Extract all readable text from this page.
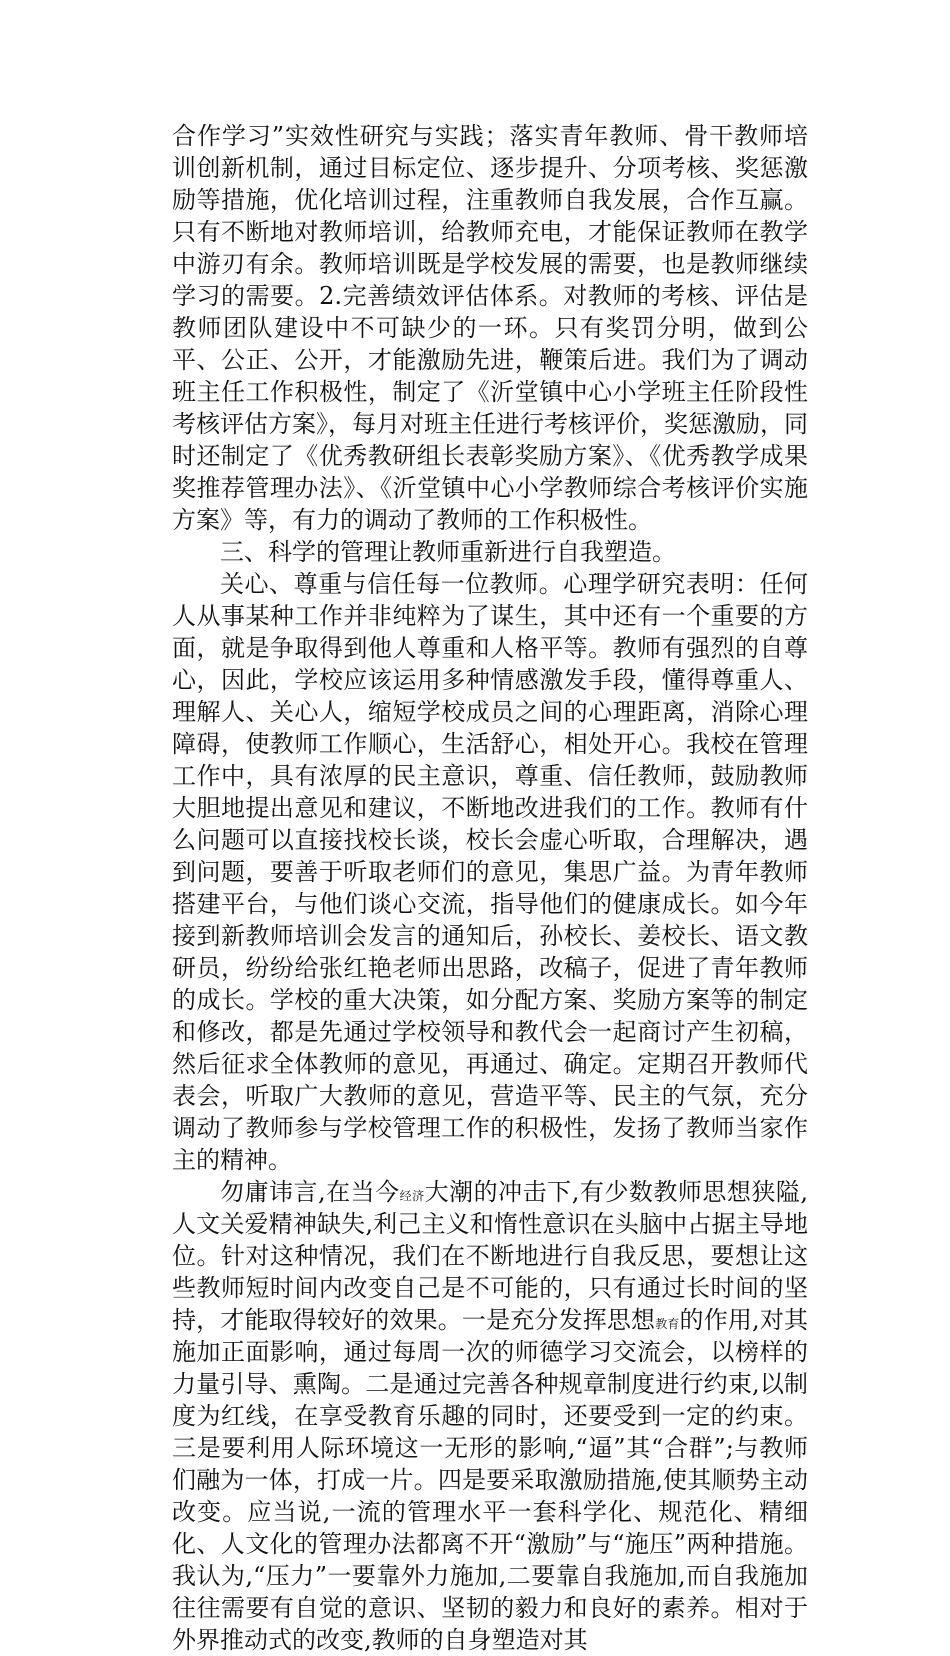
合作学习”实效性研究与实践；落实青年教师、骨干教师培训创新机制，通过目标定位、逐步提升、分项考核、奖惩激励等措施，优化培训过程，注重教师自我发展，合作互赢。只有不断地对教师培训，给教师充电，才能保证教师在教学中游刃有余。教师培训既是学校发展的需要，也是教师继续学习的需要。2.完善绩效评估体系。对教师的考核、评估是教师团队建设中不可缺少的一环。只有奖罚分明，做到公平、公正、公开，才能激励先进，鞭策后进。我们为了调动班主任工作积极性，制定了《沂堂镇中心小学班主任阶段性考核评估方案》，每月对班主任进行考核评价，奖惩激励，同时还制定了《优秀教研组长表彰奖励方案》、《优秀教学成果奖推荐管理办法》、《沂堂镇中心小学教师综合考核评价实施方案》等，有力的调动了教师的工作积极性。

三、科学的管理让教师重新进行自我塑造。

关心、尊重与信任每一位教师。心理学研究表明：任何人从事某种工作并非纯粹为了谋生，其中还有一个重要的方面，就是争取得到他人尊重和人格平等。教师有强烈的自尊心，因此，学校应该运用多种情感激发手段，懂得尊重人、理解人、关心人，缩短学校成员之间的心理距离，消除心理障碍，使教师工作顺心，生活舒心，相处开心。我校在管理工作中，具有浓厚的民主意识，尊重、信任教师，鼓励教师大胆地提出意见和建议，不断地改进我们的工作。教师有什么问题可以直接找校长谈，校长会虚心听取，合理解决，遇到问题，要善于听取老师们的意见，集思广益。为青年教师搭建平台，与他们谈心交流，指导他们的健康成长。如今年接到新教师培训会发言的通知后，孙校长、姜校长、语文教研员，纷纷给张红艳老师出思路，改稿子，促进了青年教师的成长。学校的重大决策，如分配方案、奖励方案等的制定和修改，都是先通过学校领导和教代会一起商讨产生初稿，然后征求全体教师的意见，再通过、确定。定期召开教师代表会，听取广大教师的意见，营造平等、民主的气氛，充分调动了教师参与学校管理工作的积极性，发扬了教师当家作主的精神。

勿庸讳言,在当今经济大潮的冲击下,有少数教师思想狭隘,人文关爱精神缺失,利己主义和惰性意识在头脑中占据主导地位。针对这种情况，我们在不断地进行自我反思，要想让这些教师短时间内改变自己是不可能的，只有通过长时间的坚持，才能取得较好的效果。一是充分发挥思想教育的作用,对其施加正面影响，通过每周一次的师德学习交流会，以榜样的力量引导、熏陶。二是通过完善各种规章制度进行约束,以制度为红线，在享受教育乐趣的同时，还要受到一定的约束。三是要利用人际环境这一无形的影响,“逼”其“合群”;与教师们融为一体，打成一片。四是要采取激励措施,使其顺势主动改变。应当说,一流的管理水平一套科学化、规范化、精细化、人文化的管理办法都离不开“激励”与“施压”两种措施。我认为,“压力”一要靠外力施加,二要靠自我施加,而自我施加往往需要有自觉的意识、坚韧的毅力和良好的素养。相对于外界推动式的改变,教师的自身塑造对其
